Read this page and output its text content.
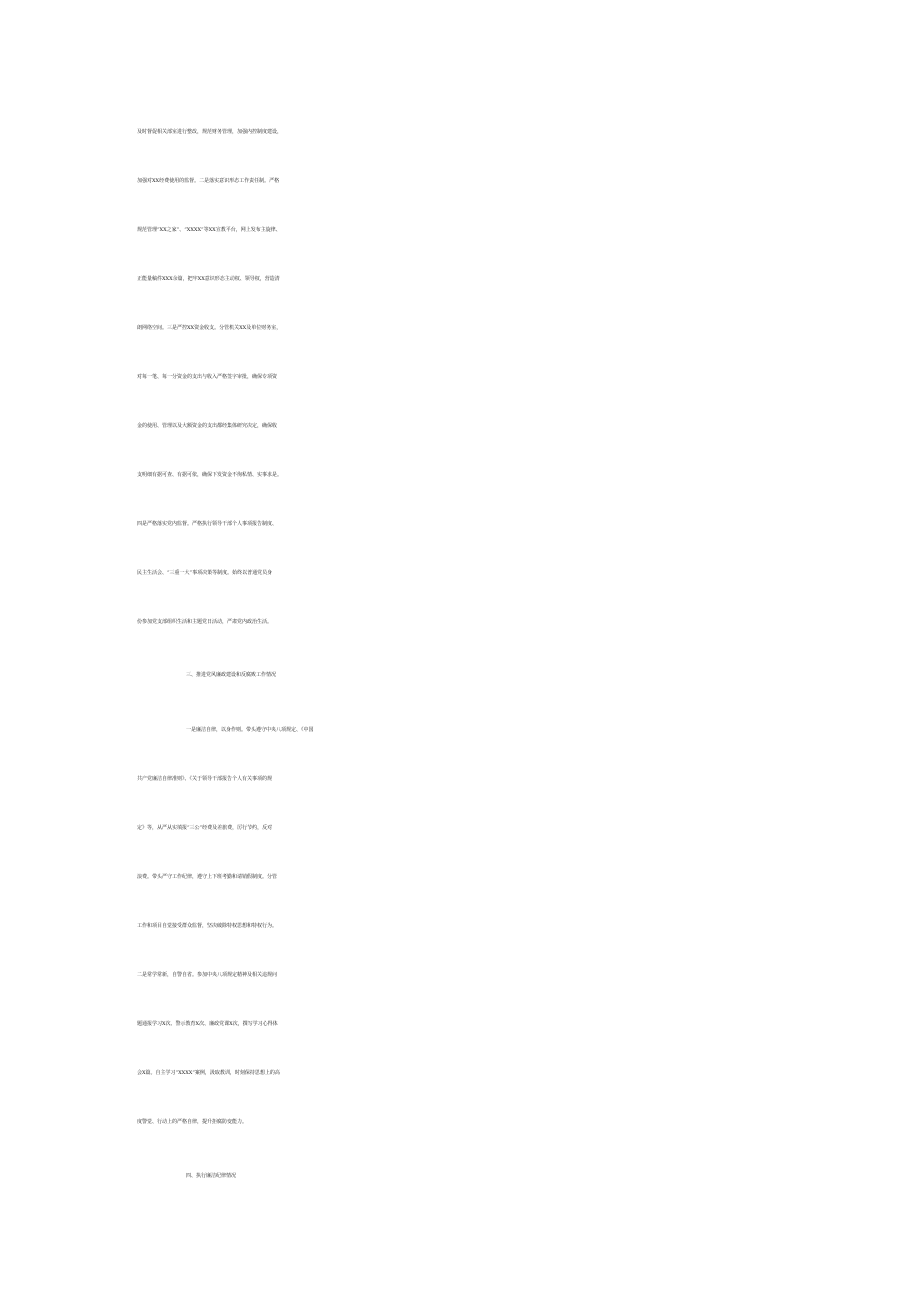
及时督促相关部室进行整改，规范财务管理，加强内控制度建设，

加强对XX经费使用的监督。二是落实意识形态工作责任制。严格

规范管理“XX之家”、“XXXX”等XX宣教平台，网上发布主旋律、

正能量稿件XXX余篇，把牢XX意识形态主动权、领导权，营造清

朗网络空间。三是严控XX资金收支。分管机关XX及单位财务室，

对每一笔、每一分资金的支出与收入严格签字审批，确保专项资

金的使用、管理以及大额资金的支出都经集体研究决定，确保收

支明细有据可查、有据可依，确保下发资金不徇私情、实事求是。

四是严格落实党内监督。严格执行领导干部个人事项报告制度、

民主生活会、“三重一大”事项决策等制度。始终以普通党员身

份参加党支部组织生活和主题党日活动，严肃党内政治生活。

三、推进党风廉政建设和反腐败工作情况

一是廉洁自律，以身作则。带头遵守中央八项规定、《中国

共产党廉洁自律准则》、《关于领导干部报告个人有关事项的规

定》等，从严从实填报“三公”经费及差旅费，厉行节约，反对

浪费。带头严守工作纪律，遵守上下班考勤和请销假制度。分管

工作和项目自觉接受群众监督，坚决破除特权思想和特权行为。

二是常学常新，自警自省。参加中央八项规定精神及相关违规问

题通报学习X次、警示教育X次、廉政党课X次，撰写学习心得体

会X篇。自主学习“XXXX”案例，汲取教训，时刻保持思想上的高

度警觉、行动上的严格自律，提升拒腐防变能力。

四、执行廉洁纪律情况
